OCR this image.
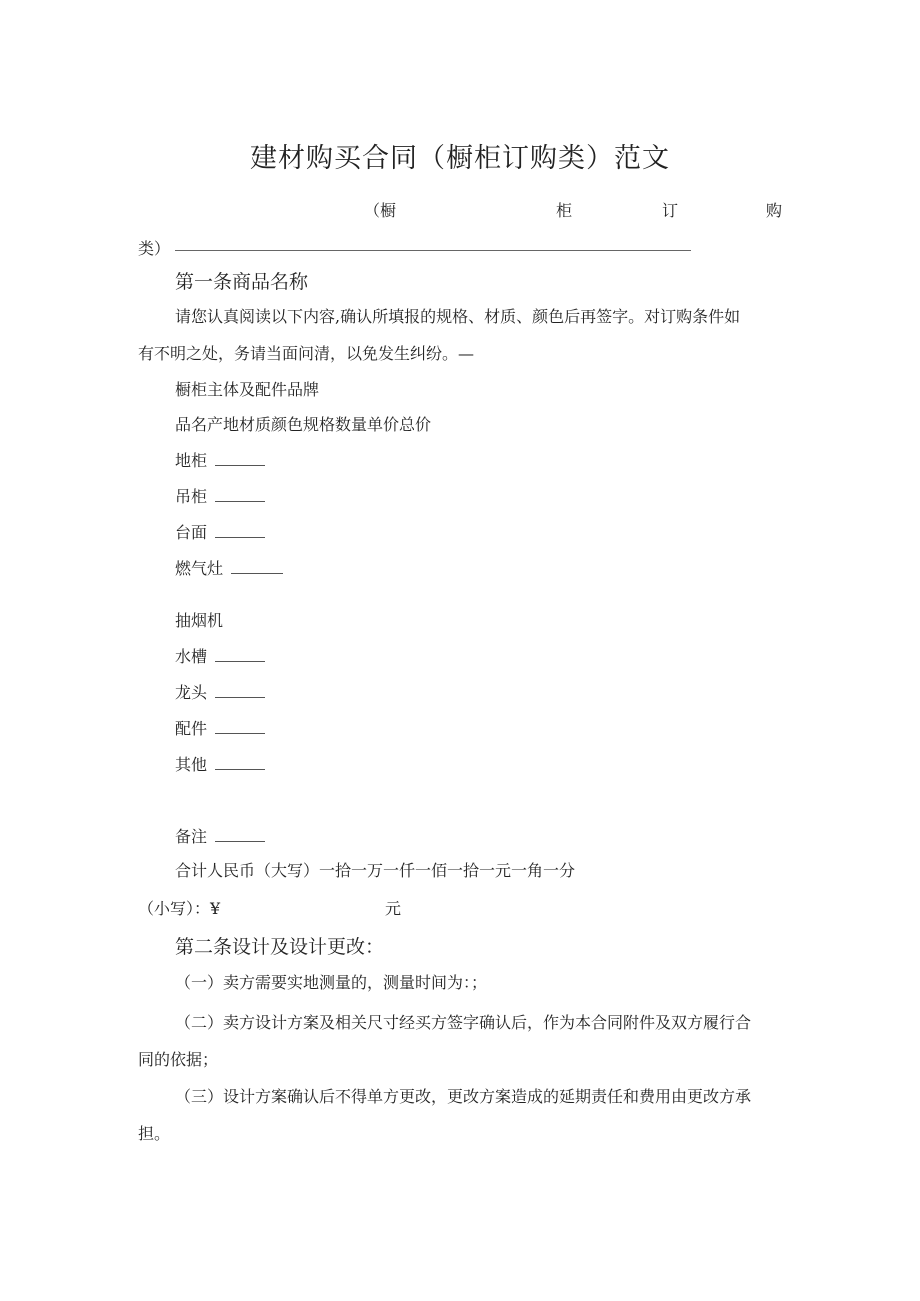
建材购买合同（橱柜订购类）范文
（橱	柜	订	购
类）
第一条商品名称
请您认真阅读以下内容,确认所填报的规格、材质、颜色后再签字。对订购条件如
有不明之处，务请当面问清，以免发生纠纷。—
橱柜主体及配件品牌
品名产地材质颜色规格数量单价总价
地柜
吊柜
台面
燃气灶
抽烟机
水槽
龙头
配件
其他
备注
合计人民币（大写）一拾一万一仟一佰一拾一元一角一分
（小写）：¥	元
第二条设计及设计更改：
（一）卖方需要实地测量的，测量时间为：；
（二）卖方设计方案及相关尺寸经买方签字确认后，作为本合同附件及双方履行合
同的依据；
（三）设计方案确认后不得单方更改，更改方案造成的延期责任和费用由更改方承
担。
